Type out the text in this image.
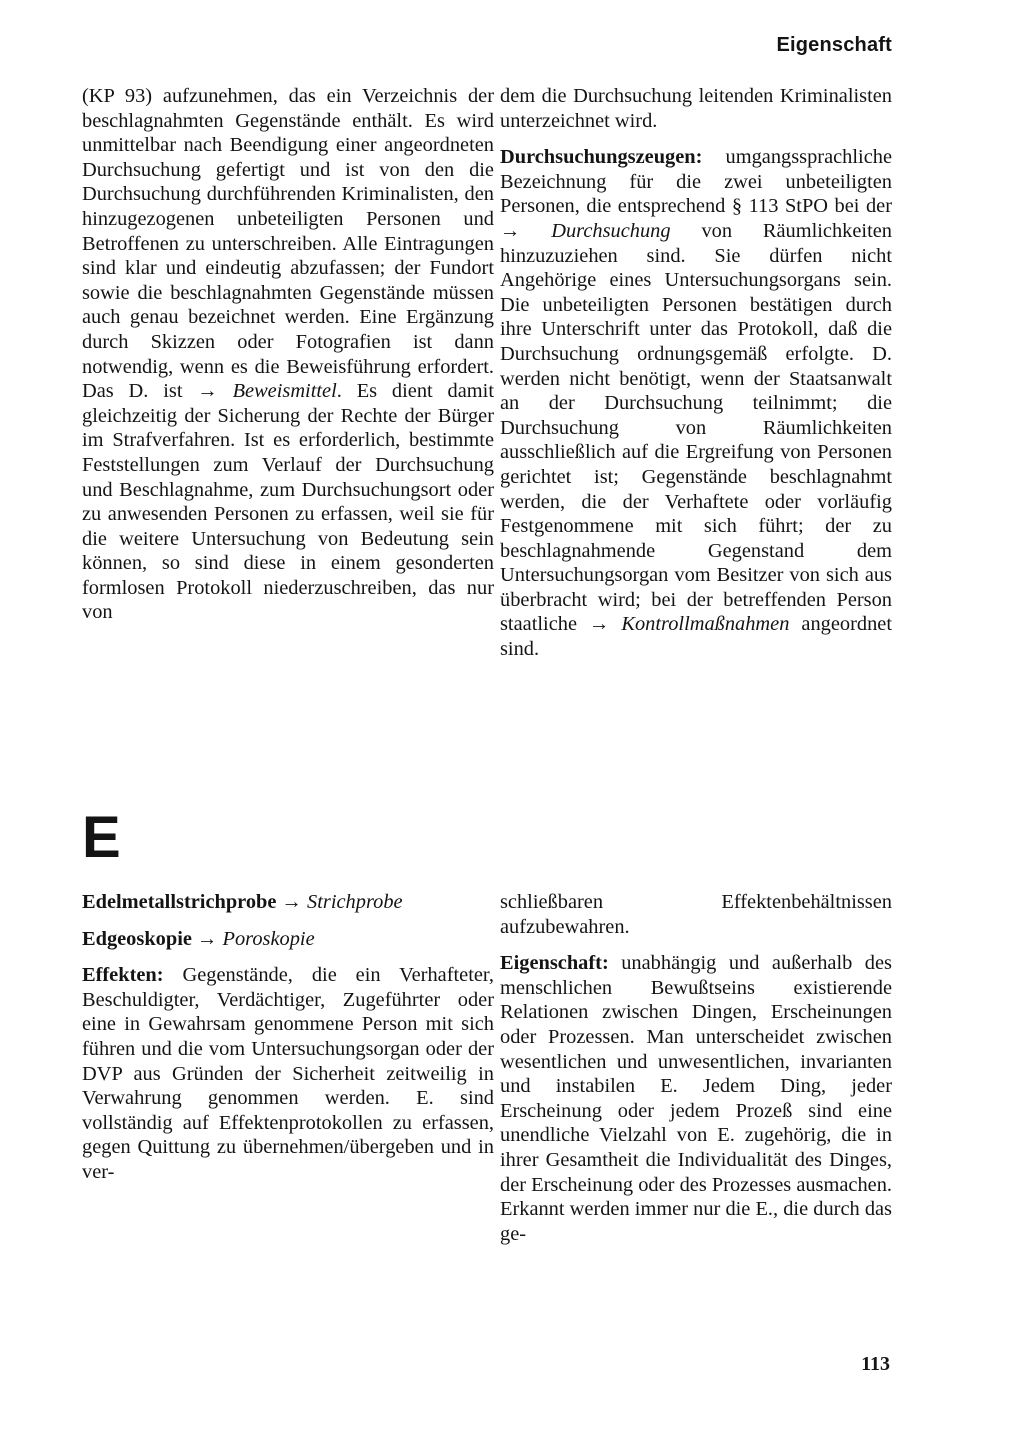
Eigenschaft

(KP 93) aufzunehmen, das ein Verzeichnis der beschlagnahmten Gegenstände enthält. Es wird unmittelbar nach Beendigung einer angeordneten Durchsuchung gefertigt und ist von den die Durchsuchung durchführenden Kriminalisten, den hinzugezogenen unbeteiligten Personen und Betroffenen zu unterschreiben. Alle Eintragungen sind klar und eindeutig abzufassen; der Fundort sowie die beschlagnahmten Gegenstände müssen auch genau bezeichnet werden. Eine Ergänzung durch Skizzen oder Fotografien ist dann notwendig, wenn es die Beweisführung erfordert. Das D. ist → Beweismittel. Es dient damit gleichzeitig der Sicherung der Rechte der Bürger im Strafverfahren. Ist es erforderlich, bestimmte Feststellungen zum Verlauf der Durchsuchung und Beschlagnahme, zum Durchsuchungsort oder zu anwesenden Personen zu erfassen, weil sie für die weitere Untersuchung von Bedeutung sein können, so sind diese in einem gesonderten formlosen Protokoll niederzuschreiben, das nur von

dem die Durchsuchung leitenden Kriminalisten unterzeichnet wird.

Durchsuchungszeugen: umgangssprachliche Bezeichnung für die zwei unbeteiligten Personen, die entsprechend § 113 StPO bei der → Durchsuchung von Räumlichkeiten hinzuzuziehen sind. Sie dürfen nicht Angehörige eines Untersuchungsorgans sein. Die unbeteiligten Personen bestätigen durch ihre Unterschrift unter das Protokoll, daß die Durchsuchung ordnungsgemäß erfolgte. D. werden nicht benötigt, wenn der Staatsanwalt an der Durchsuchung teilnimmt; die Durchsuchung von Räumlichkeiten ausschließlich auf die Ergreifung von Personen gerichtet ist; Gegenstände beschlagnahmt werden, die der Verhaftete oder vorläufig Festgenommene mit sich führt; der zu beschlagnahmende Gegenstand dem Untersuchungsorgan vom Besitzer von sich aus überbracht wird; bei der betreffenden Person staatliche → Kontrollmaßnahmen angeordnet sind.

E

Edelmetallstrichprobe → Strichprobe

Edgeoskopie → Poroskopie

Effekten: Gegenstände, die ein Verhafteter, Beschuldigter, Verdächtiger, Zugeführter oder eine in Gewahrsam genommene Person mit sich führen und die vom Untersuchungsorgan oder der DVP aus Gründen der Sicherheit zeitweilig in Verwahrung genommen werden. E. sind vollständig auf Effektenprotokollen zu erfassen, gegen Quittung zu übernehmen/übergeben und in ver-

schließbaren Effektenbehältnissen aufzubewahren.

Eigenschaft: unabhängig und außerhalb des menschlichen Bewußtseins existierende Relationen zwischen Dingen, Erscheinungen oder Prozessen. Man unterscheidet zwischen wesentlichen und unwesentlichen, invarianten und instabilen E. Jedem Ding, jeder Erscheinung oder jedem Prozeß sind eine unendliche Vielzahl von E. zugehörig, die in ihrer Gesamtheit die Individualität des Dinges, der Erscheinung oder des Prozesses ausmachen. Erkannt werden immer nur die E., die durch das ge-

113
